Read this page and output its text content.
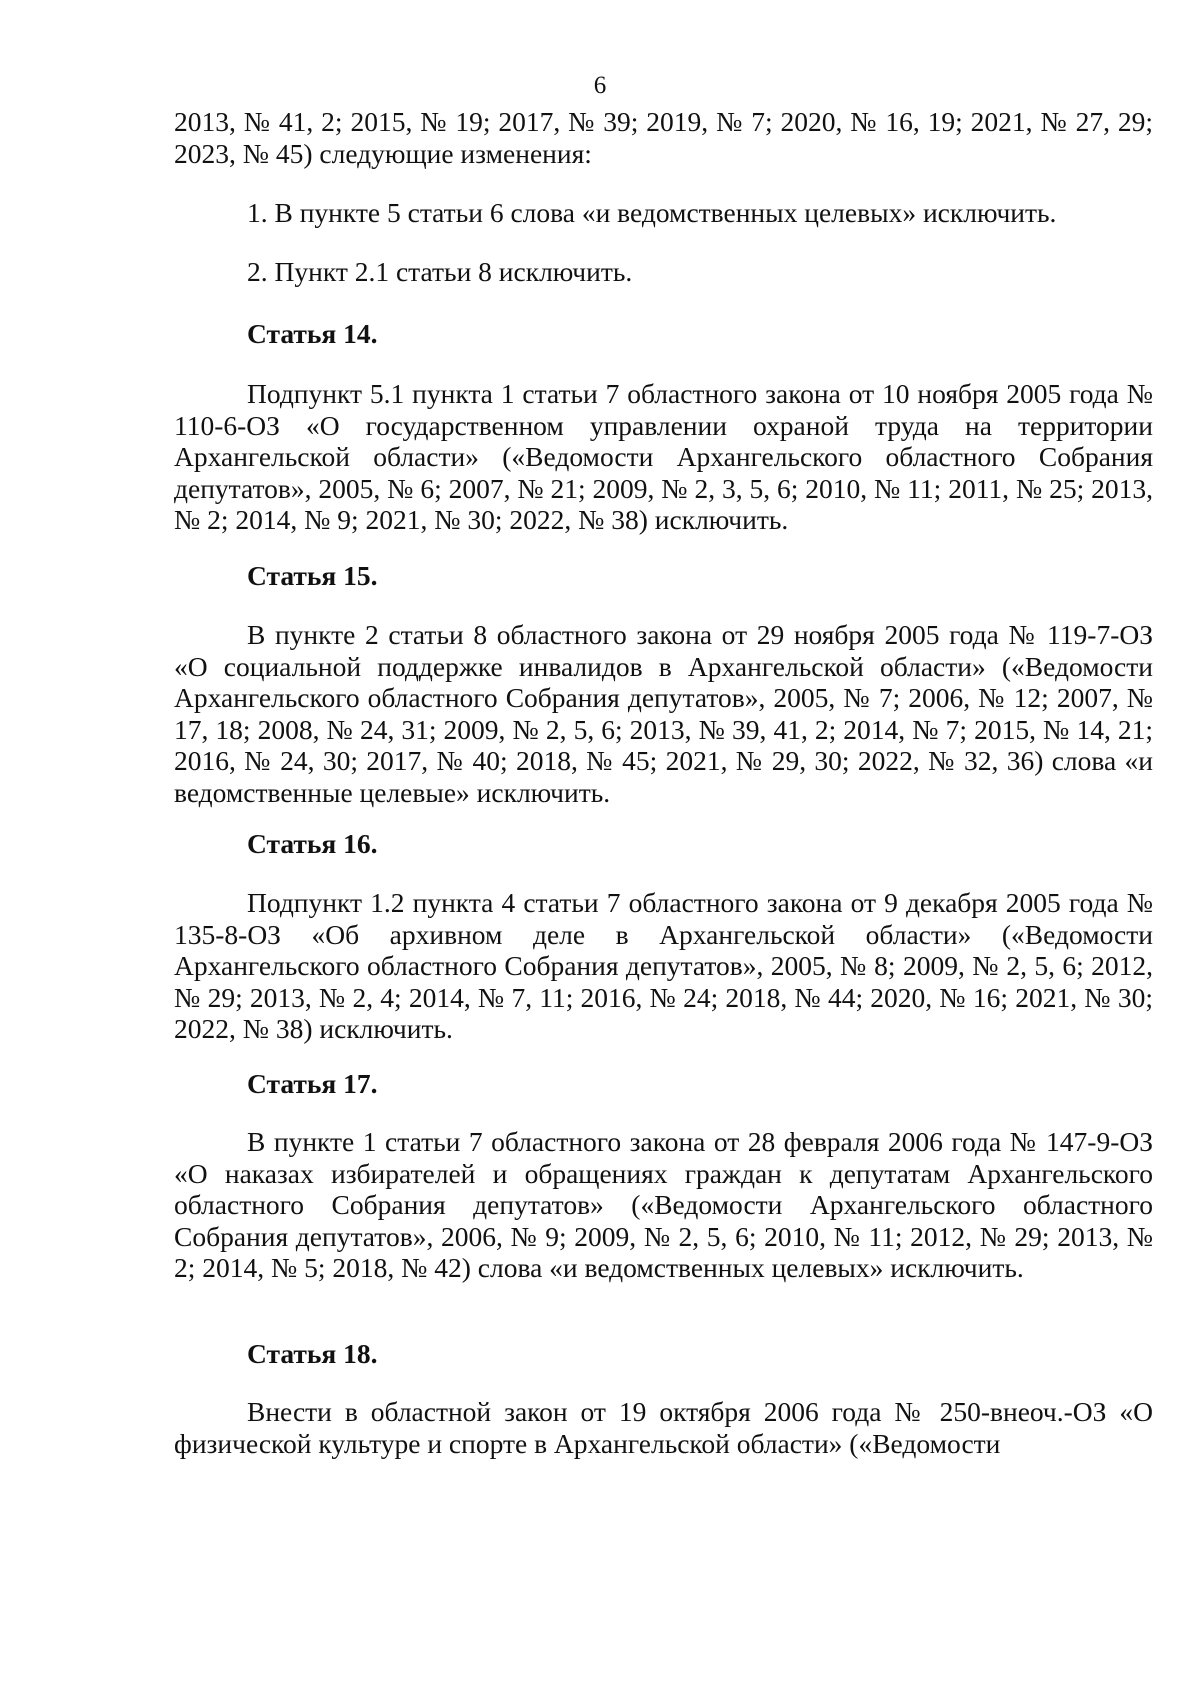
6
2013, № 41, 2; 2015, № 19; 2017, № 39; 2019, № 7; 2020, № 16, 19; 2021, № 27, 29; 2023, № 45) следующие изменения:
1. В пункте 5 статьи 6 слова «и ведомственных целевых» исключить.
2. Пункт 2.1 статьи 8 исключить.
Статья 14.
Подпункт 5.1 пункта 1 статьи 7 областного закона от 10 ноября 2005 года № 110-6-ОЗ «О государственном управлении охраной труда на территории Архангельской области» («Ведомости Архангельского областного Собрания депутатов», 2005, № 6; 2007, № 21; 2009, № 2, 3, 5, 6; 2010, № 11; 2011, № 25; 2013, № 2; 2014, № 9; 2021, № 30; 2022, № 38) исключить.
Статья 15.
В пункте 2 статьи 8 областного закона от 29 ноября 2005 года № 119-7-ОЗ «О социальной поддержке инвалидов в Архангельской области» («Ведомости Архангельского областного Собрания депутатов», 2005, № 7; 2006, № 12; 2007, № 17, 18; 2008, № 24, 31; 2009, № 2, 5, 6; 2013, № 39, 41, 2; 2014, № 7; 2015, № 14, 21; 2016, № 24, 30; 2017, № 40; 2018, № 45; 2021, № 29, 30; 2022, № 32, 36) слова «и ведомственные целевые» исключить.
Статья 16.
Подпункт 1.2 пункта 4 статьи 7 областного закона от 9 декабря 2005 года № 135-8-ОЗ «Об архивном деле в Архангельской области» («Ведомости Архангельского областного Собрания депутатов», 2005, № 8; 2009, № 2, 5, 6; 2012, № 29; 2013, № 2, 4; 2014, № 7, 11; 2016, № 24; 2018, № 44; 2020, № 16; 2021, № 30; 2022, № 38) исключить.
Статья 17.
В пункте 1 статьи 7 областного закона от 28 февраля 2006 года № 147-9-ОЗ «О наказах избирателей и обращениях граждан к депутатам Архангельского областного Собрания депутатов» («Ведомости Архангельского областного Собрания депутатов», 2006, № 9; 2009, № 2, 5, 6; 2010, № 11; 2012, № 29; 2013, № 2; 2014, № 5; 2018, № 42) слова «и ведомственных целевых» исключить.
Статья 18.
Внести в областной закон от 19 октября 2006 года № 250-внеоч.-ОЗ «О физической культуре и спорте в Архангельской области» («Ведомости
